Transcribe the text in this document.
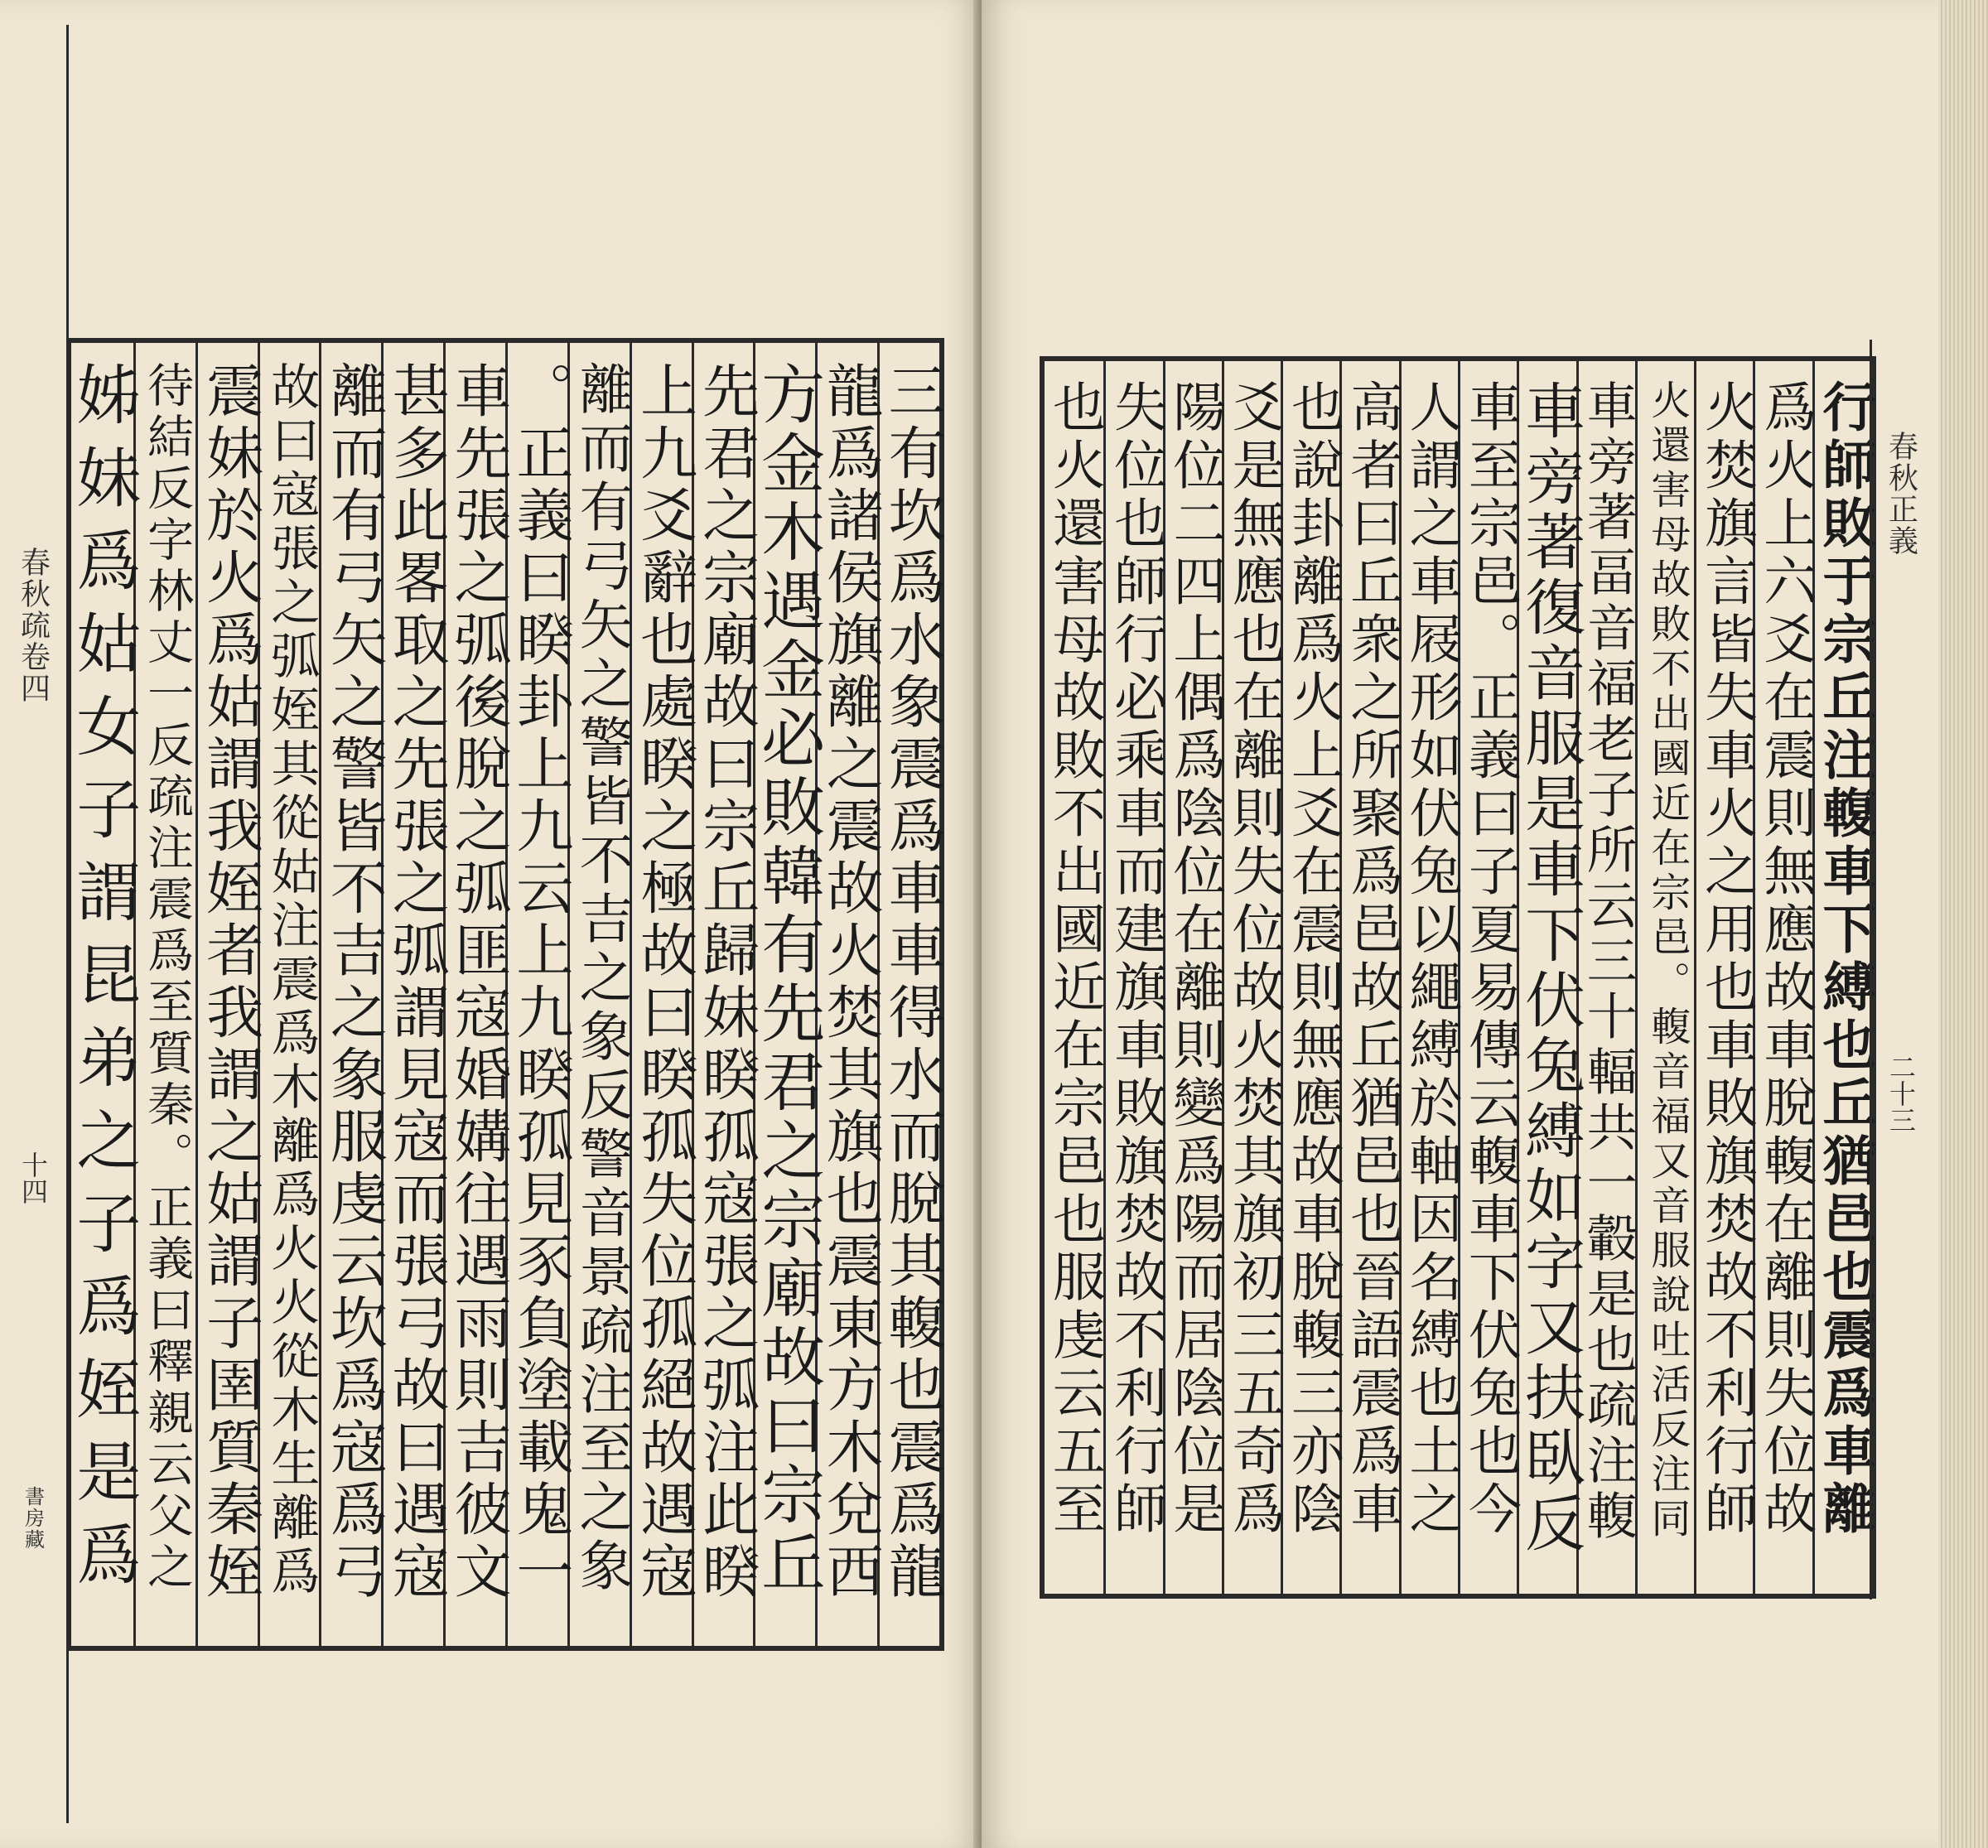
春秋疏卷四
十四
書房藏	三有坎爲水象震爲車車得水而脫其輹也震爲龍
龍爲諸侯旗離之震故火焚其旗也震東方木兌西
方金木遇金必敗韓有先君之宗廟故曰宗丘
先君之宗廟故曰宗丘歸妹睽孤寇張之弧注此睽
上九爻辭也處睽之極故曰睽孤失位孤絕故遇寇
離而有弓矢之警皆不吉之象反警音景疏注至之象
。正義曰睽卦上九云上九睽孤見豕負塗載鬼一
車先張之弧後脫之弧匪寇婚媾往遇雨則吉彼文
甚多此畧取之先張之弧謂見寇而張弓故曰遇寇
離而有弓矢之警皆不吉之象服虔云坎爲寇爲弓
故曰寇張之弧姪其從姑注震爲木離爲火火從木生離爲
震妹於火爲姑謂我姪者我謂之姑謂子圉質秦姪
待結反字林丈一反疏注震爲至質秦。正義曰釋親云父之
姊妹爲姑女子謂昆弟之子爲姪是爲	行師敗于宗丘注輹車下縛也丘猶邑也震爲車離
爲火上六爻在震則無應故車脫輹在離則失位故
火焚旗言皆失車火之用也車敗旗焚故不利行師
火還害母故敗不出國近在宗邑。輹音福又音服說吐活反注同
車旁著畐音福老子所云三十輻共一轂是也疏注輹
車旁著復音服是車下伏兔縛如字又扶臥反
車至宗邑。正義曰子夏易傳云輹車下伏兔也今
人謂之車屐形如伏兔以繩縛於軸因名縛也土之
高者曰丘衆之所聚爲邑故丘猶邑也晉語震爲車
也說卦離爲火上爻在震則無應故車脫輹三亦陰
爻是無應也在離則失位故火焚其旗初三五奇爲
陽位二四上偶爲陰位在離則變爲陽而居陰位是
失位也師行必乘車而建旗車敗旗焚故不利行師
也火還害母故敗不出國近在宗邑也服虔云五至	春秋正義
二十三
